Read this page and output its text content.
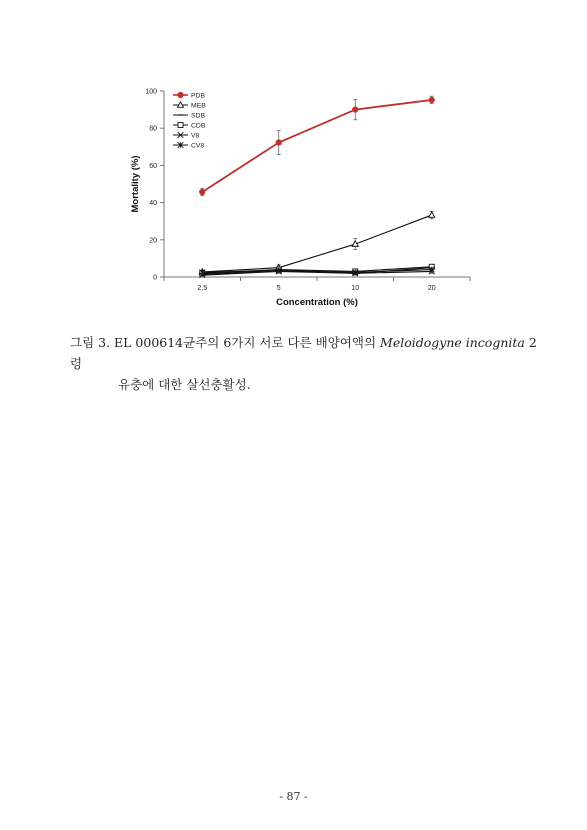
0
20
40
60
80
100
2.5	5	10	20
PDB
MEB
SDB
CDB
V8
CV8
Mortality (%)
Concentration (%)
그림 3. EL 000614균주의 6가지 서로 다른 배양여액의 Meloidogyne incognita 2령
유충에 대한 살선충활성.
- 87 -
